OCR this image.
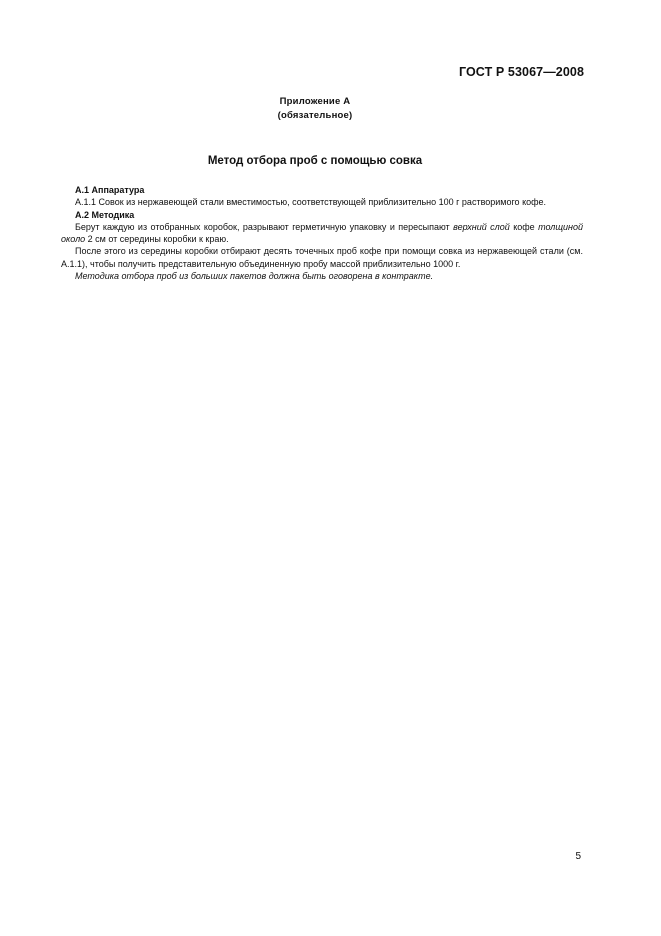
ГОСТ Р 53067—2008
Приложение А
(обязательное)
Метод отбора проб с помощью совка

А.1 Аппаратура

А.1.1 Совок из нержавеющей стали вместимостью, соответствующей приблизительно 100 г растворимого кофе.

А.2 Методика

Берут каждую из отобранных коробок, разрывают герметичную упаковку и пересыпают верхний слой кофе толщиной около 2 см от середины коробки к краю.

После этого из середины коробки отбирают десять точечных проб кофе при помощи совка из нержавеющей стали (см. А.1.1), чтобы получить представительную объединенную пробу массой приблизительно 1000 г.

Методика отбора проб из больших пакетов должна быть оговорена в контракте.

5
